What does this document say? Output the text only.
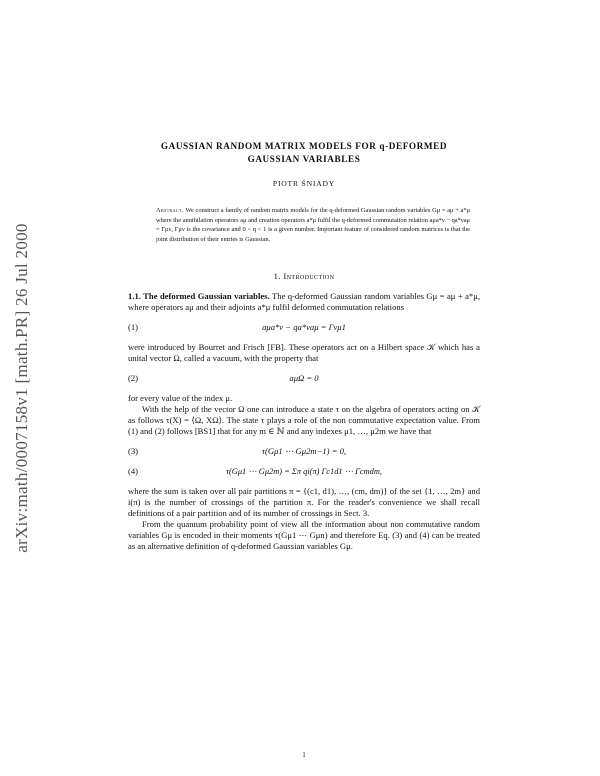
arXiv:math/0007158v1 [math.PR] 26 Jul 2000
GAUSSIAN RANDOM MATRIX MODELS FOR q-DEFORMED
GAUSSIAN VARIABLES
PIOTR ŚNIADY
Abstract. We construct a family of random matrix models for the q-deformed Gaussian random variables Gμ = aμ + a*μ where the annihilation operators aμ and creation operators a*μ fulfil the q-deformed commutation relation aμa*ν − qa*νaμ = Γμν, Γμν is the covariance and 0 < q < 1 is a given number. Important feature of considered random matrices is that the joint distribution of their entries is Gaussian.
1. Introduction

1.1. The deformed Gaussian variables. The q-deformed Gaussian random variables Gμ = aμ + a*μ, where operators aμ and their adjoints a*μ fulfil deformed commutation relations

(1)	aμa*ν − qa*νaμ = Γνμ1

were introduced by Bourret and Frisch [FB]. These operators act on a Hilbert space 𝒦 which has a unital vector Ω, called a vacuum, with the property that

(2)	aμΩ = 0

for every value of the index μ.

With the help of the vector Ω one can introduce a state τ on the algebra of operators acting on 𝒦 as follows τ(X) = ⟨Ω, XΩ⟩. The state τ plays a role of the non commutative expectation value. From (1) and (2) follows [BS1] that for any m ∈ ℕ and any indexes μ1, …, μ2m we have that

(3)	τ(Gμ1 ⋯ Gμ2m−1) = 0,
(4)	τ(Gμ1 ⋯ Gμ2m) = Σπ qi(π) Γc1d1 ⋯ Γcmdm,

where the sum is taken over all pair partitions π = {(c1, d1), …, (cm, dm)} of the set {1, …, 2m} and i(π) is the number of crossings of the partition π. For the reader's convenience we shall recall definitions of a pair partition and of its number of crossings in Sect. 3.

From the quantum probability point of view all the information about non commutative random variables Gμ is encoded in their moments τ(Gμ1 ⋯ Gμn) and therefore Eq. (3) and (4) can be treated as an alternative definition of q-deformed Gaussian variables Gμ.

1
